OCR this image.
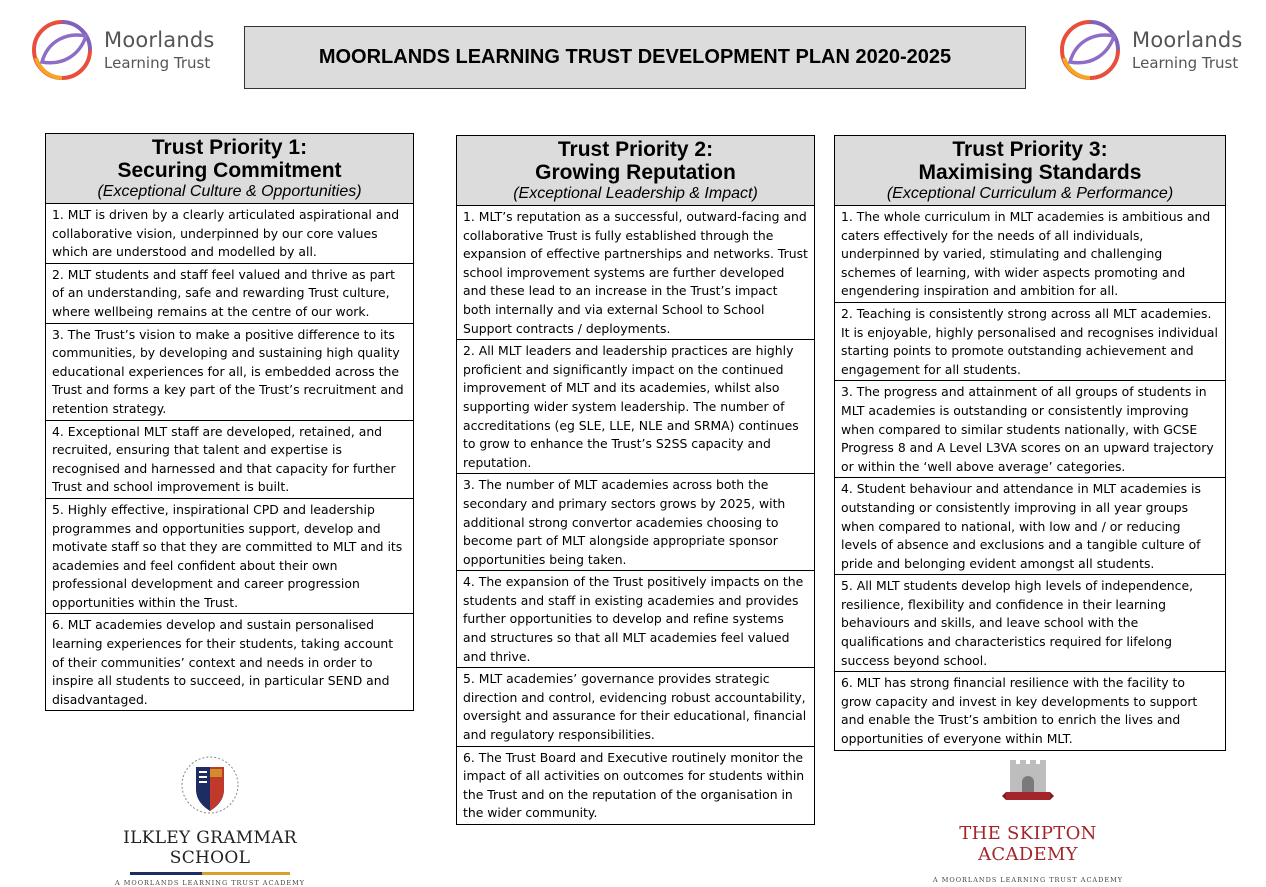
Moorlands
Learning Trust	MOORLANDS LEARNING TRUST DEVELOPMENT PLAN 2020-2025
Moorlands
Learning Trust
Trust Priority 1:
Securing Commitment
(Exceptional Culture & Opportunities)
1. MLT is driven by a clearly articulated aspirational and collaborative vision, underpinned by our core values which are understood and modelled by all.
2. MLT students and staff feel valued and thrive as part of an understanding, safe and rewarding Trust culture, where wellbeing remains at the centre of our work.
3. The Trust’s vision to make a positive difference to its communities, by developing and sustaining high quality educational experiences for all, is embedded across the Trust and forms a key part of the Trust’s recruitment and retention strategy.
4. Exceptional MLT staff are developed, retained, and recruited, ensuring that talent and expertise is recognised and harnessed and that capacity for further Trust and school improvement is built.
5. Highly effective, inspirational CPD and leadership programmes and opportunities support, develop and motivate staff so that they are committed to MLT and its academies and feel confident about their own professional development and career progression opportunities within the Trust.
6. MLT academies develop and sustain personalised learning experiences for their students, taking account of their communities’ context and needs in order to inspire all students to succeed, in particular SEND and disadvantaged.
Trust Priority 2:
Growing Reputation
(Exceptional Leadership & Impact)
1. MLT’s reputation as a successful, outward-facing and collaborative Trust is fully established through the expansion of effective partnerships and networks. Trust school improvement systems are further developed and these lead to an increase in the Trust’s impact both internally and via external School to School Support contracts / deployments.
2. All MLT leaders and leadership practices are highly proficient and significantly impact on the continued improvement of MLT and its academies, whilst also supporting wider system leadership. The number of accreditations (eg SLE, LLE, NLE and SRMA) continues to grow to enhance the Trust’s S2SS capacity and reputation.
3. The number of MLT academies across both the secondary and primary sectors grows by 2025, with additional strong convertor academies choosing to become part of MLT alongside appropriate sponsor opportunities being taken.
4. The expansion of the Trust positively impacts on the students and staff in existing academies and provides further opportunities to develop and refine systems and structures so that all MLT academies feel valued and thrive.
5. MLT academies’ governance provides strategic direction and control, evidencing robust accountability, oversight and assurance for their educational, financial and regulatory responsibilities.
6. The Trust Board and Executive routinely monitor the impact of all activities on outcomes for students within the Trust and on the reputation of the organisation in the wider community.
Trust Priority 3:
Maximising Standards
(Exceptional Curriculum & Performance)
1. The whole curriculum in MLT academies is ambitious and caters effectively for the needs of all individuals, underpinned by varied, stimulating and challenging schemes of learning, with wider aspects promoting and engendering inspiration and ambition for all.
2. Teaching is consistently strong across all MLT academies. It is enjoyable, highly personalised and recognises individual starting points to promote outstanding achievement and engagement for all students.
3. The progress and attainment of all groups of students in MLT academies is outstanding or consistently improving when compared to similar students nationally, with GCSE Progress 8 and A Level L3VA scores on an upward trajectory or within the ‘well above average’ categories.
4. Student behaviour and attendance in MLT academies is outstanding or consistently improving in all year groups when compared to national, with low and / or reducing levels of absence and exclusions and a tangible culture of pride and belonging evident amongst all students.
5. All MLT students develop high levels of independence, resilience, flexibility and confidence in their learning behaviours and skills, and leave school with the qualifications and characteristics required for lifelong success beyond school.
6. MLT has strong financial resilience with the facility to grow capacity and invest in key developments to support and enable the Trust’s ambition to enrich the lives and opportunities of everyone within MLT.
ILKLEY GRAMMAR SCHOOL
A MOORLANDS LEARNING TRUST ACADEMY
THE SKIPTON ACADEMY
A MOORLANDS LEARNING TRUST ACADEMY
